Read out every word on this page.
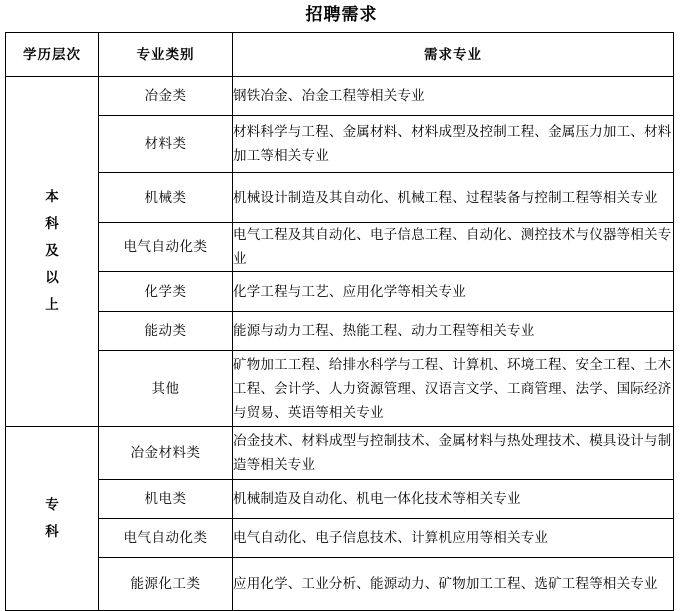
招聘需求
学历层次	专业类别	需求专业

本科及以上	冶金类	钢铁冶金、冶金工程等相关专业
	材料类	材料科学与工程、金属材料、材料成型及控制工程、金属压力加工、材料加工等相关专业
	机械类	机械设计制造及其自动化、机械工程、过程装备与控制工程等相关专业
	电气自动化类	电气工程及其自动化、电子信息工程、自动化、测控技术与仪器等相关专业
	化学类	化学工程与工艺、应用化学等相关专业
	能动类	能源与动力工程、热能工程、动力工程等相关专业
	其他	矿物加工工程、给排水科学与工程、计算机、环境工程、安全工程、土木工程、会计学、人力资源管理、汉语言文学、工商管理、法学、国际经济与贸易、英语等相关专业

专科	冶金材料类	冶金技术、材料成型与控制技术、金属材料与热处理技术、模具设计与制造等相关专业
	机电类	机械制造及自动化、机电一体化技术等相关专业
	电气自动化类	电气自动化、电子信息技术、计算机应用等相关专业
	能源化工类	应用化学、工业分析、能源动力、矿物加工工程、选矿工程等相关专业
